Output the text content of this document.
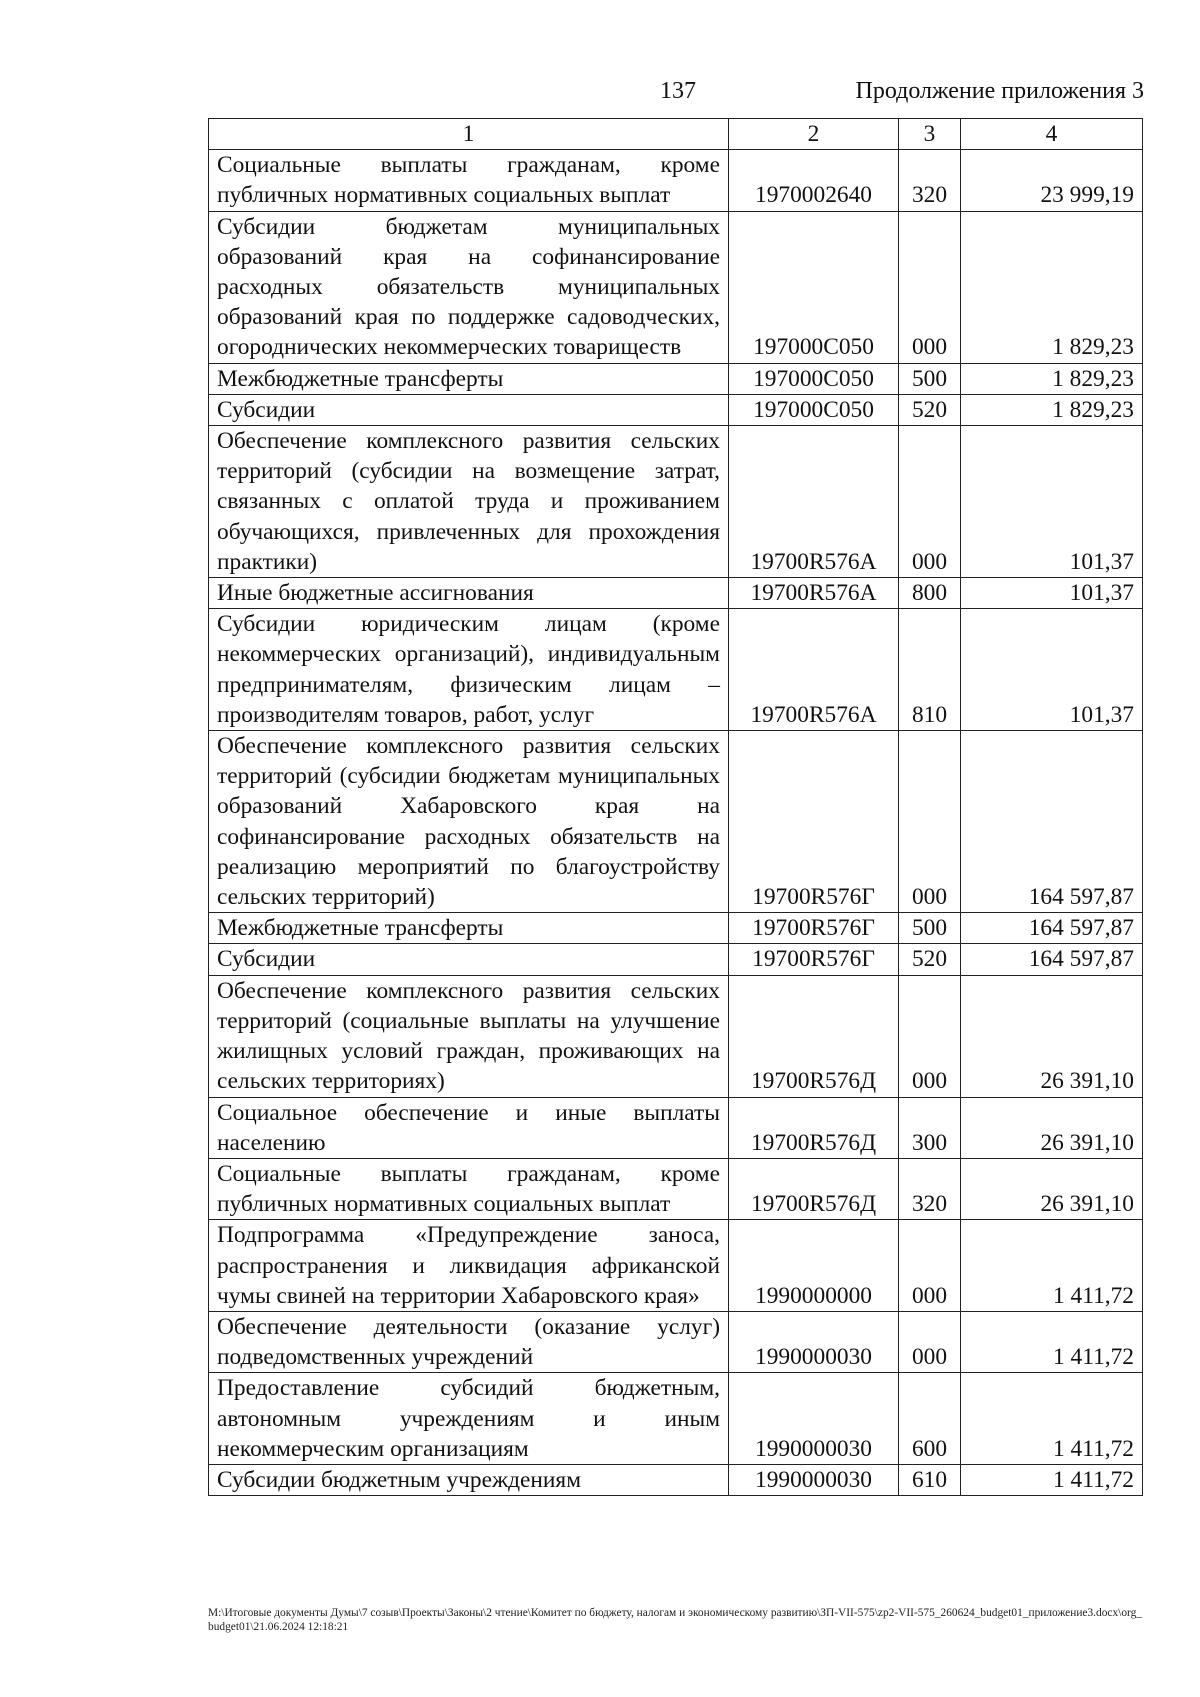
137	Продолжение приложения 3
1	2	3	4
Социальные выплаты гражданам, кроме публичных нормативных социальных выплат	1970002640	320	23 999,19
Субсидии бюджетам муниципальных образований края на софинансирование расходных обязательств муниципальных образований края по поддержке садоводческих, огороднических некоммерческих товариществ	197000С050	000	1 829,23
Межбюджетные трансферты	197000С050	500	1 829,23
Субсидии	197000С050	520	1 829,23
Обеспечение комплексного развития сельских территорий (субсидии на возмещение затрат, связанных с оплатой труда и проживанием обучающихся, привлеченных для прохождения практики)	19700R576А	000	101,37
Иные бюджетные ассигнования	19700R576А	800	101,37
Субсидии юридическим лицам (кроме некоммерческих организаций), индивидуальным предпринимателям, физическим лицам – производителям товаров, работ, услуг	19700R576А	810	101,37
Обеспечение комплексного развития сельских территорий (субсидии бюджетам муниципальных образований Хабаровского края на софинансирование расходных обязательств на реализацию мероприятий по благоустройству сельских территорий)	19700R576Г	000	164 597,87
Межбюджетные трансферты	19700R576Г	500	164 597,87
Субсидии	19700R576Г	520	164 597,87
Обеспечение комплексного развития сельских территорий (социальные выплаты на улучшение жилищных условий граждан, проживающих на сельских территориях)	19700R576Д	000	26 391,10
Социальное обеспечение и иные выплаты населению	19700R576Д	300	26 391,10
Социальные выплаты гражданам, кроме публичных нормативных социальных выплат	19700R576Д	320	26 391,10
Подпрограмма «Предупреждение заноса, распространения и ликвидация африканской чумы свиней на территории Хабаровского края»	1990000000	000	1 411,72
Обеспечение деятельности (оказание услуг) подведомственных учреждений	1990000030	000	1 411,72
Предоставление субсидий бюджетным, автономным учреждениям и иным некоммерческим организациям	1990000030	600	1 411,72
Субсидии бюджетным учреждениям	1990000030	610	1 411,72
M:\Итоговые документы Думы\7 созыв\Проекты\Законы\2 чтение\Комитет по бюджету, налогам и экономическому развитию\ЗП-VII-575\zp2-VII-575_260624_budget01_приложение3.docx\org_budget01\21.06.2024 12:18:21
